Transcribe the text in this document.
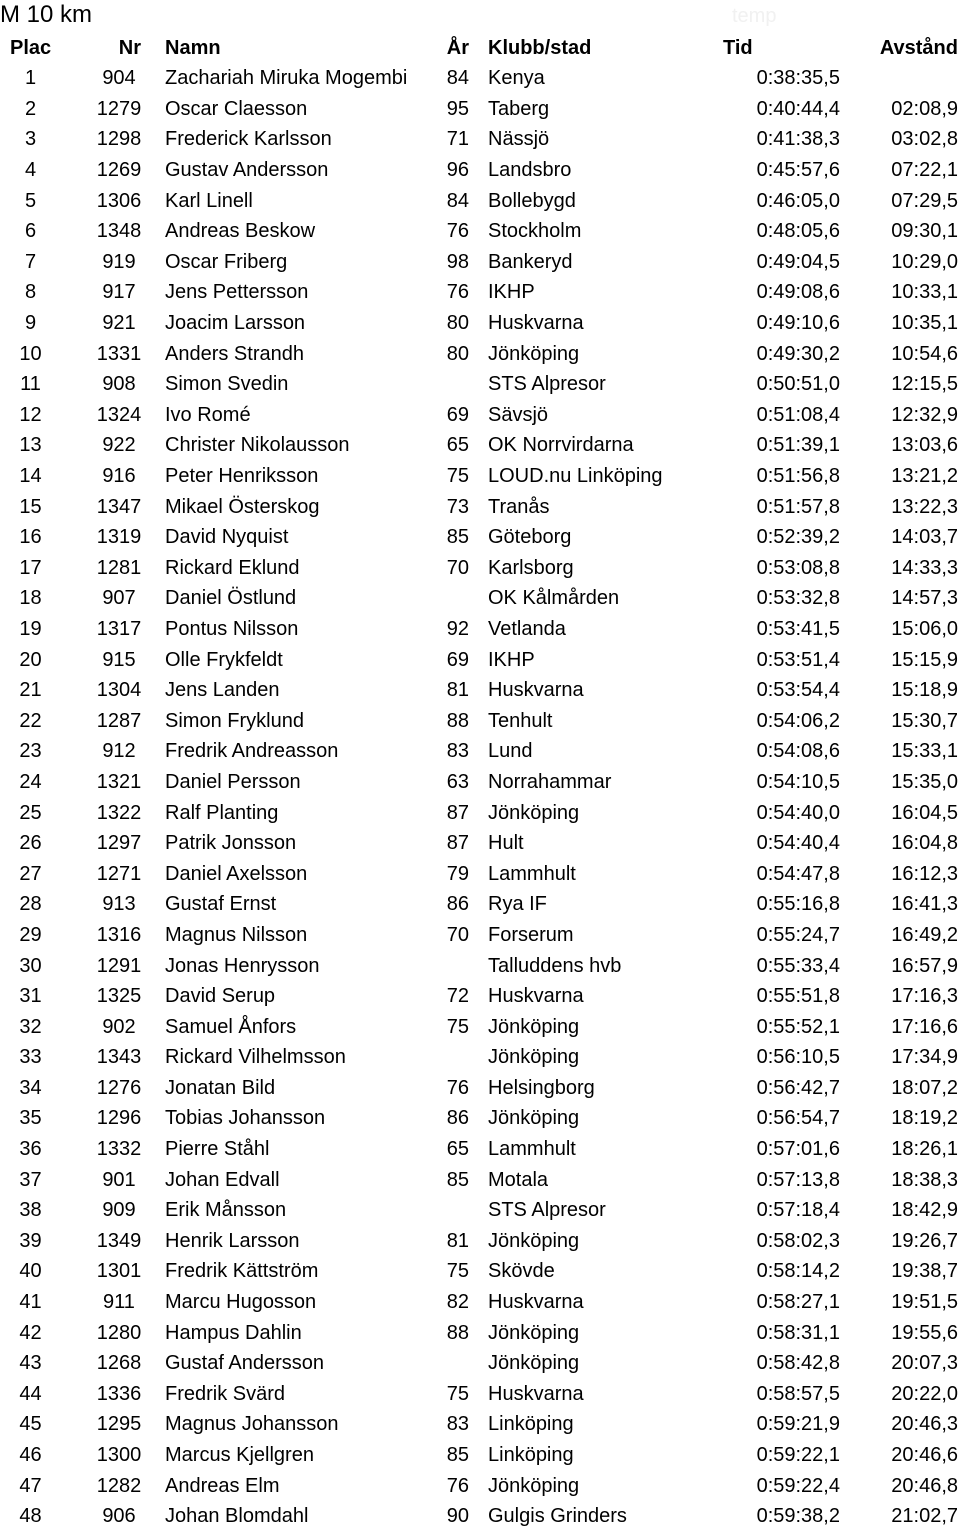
M 10 km	temp
Plac	Nr	Namn	År	Klubb/stad	Tid	Avstånd
1	904	Zachariah Miruka Mogembi	84	Kenya	0:38:35,5	
2	1279	Oscar Claesson	95	Taberg	0:40:44,4	02:08,9
3	1298	Frederick Karlsson	71	Nässjö	0:41:38,3	03:02,8
4	1269	Gustav Andersson	96	Landsbro	0:45:57,6	07:22,1
5	1306	Karl Linell	84	Bollebygd	0:46:05,0	07:29,5
6	1348	Andreas Beskow	76	Stockholm	0:48:05,6	09:30,1
7	919	Oscar Friberg	98	Bankeryd	0:49:04,5	10:29,0
8	917	Jens Pettersson	76	IKHP	0:49:08,6	10:33,1
9	921	Joacim Larsson	80	Huskvarna	0:49:10,6	10:35,1
10	1331	Anders Strandh	80	Jönköping	0:49:30,2	10:54,6
11	908	Simon Svedin		STS Alpresor	0:50:51,0	12:15,5
12	1324	Ivo Romé	69	Sävsjö	0:51:08,4	12:32,9
13	922	Christer Nikolausson	65	OK Norrvirdarna	0:51:39,1	13:03,6
14	916	Peter Henriksson	75	LOUD.nu Linköping	0:51:56,8	13:21,2
15	1347	Mikael Österskog	73	Tranås	0:51:57,8	13:22,3
16	1319	David Nyquist	85	Göteborg	0:52:39,2	14:03,7
17	1281	Rickard Eklund	70	Karlsborg	0:53:08,8	14:33,3
18	907	Daniel Östlund		OK Kålmården	0:53:32,8	14:57,3
19	1317	Pontus Nilsson	92	Vetlanda	0:53:41,5	15:06,0
20	915	Olle Frykfeldt	69	IKHP	0:53:51,4	15:15,9
21	1304	Jens Landen	81	Huskvarna	0:53:54,4	15:18,9
22	1287	Simon Fryklund	88	Tenhult	0:54:06,2	15:30,7
23	912	Fredrik Andreasson	83	Lund	0:54:08,6	15:33,1
24	1321	Daniel Persson	63	Norrahammar	0:54:10,5	15:35,0
25	1322	Ralf Planting	87	Jönköping	0:54:40,0	16:04,5
26	1297	Patrik Jonsson	87	Hult	0:54:40,4	16:04,8
27	1271	Daniel Axelsson	79	Lammhult	0:54:47,8	16:12,3
28	913	Gustaf Ernst	86	Rya IF	0:55:16,8	16:41,3
29	1316	Magnus Nilsson	70	Forserum	0:55:24,7	16:49,2
30	1291	Jonas Henrysson		Talluddens hvb	0:55:33,4	16:57,9
31	1325	David Serup	72	Huskvarna	0:55:51,8	17:16,3
32	902	Samuel Ånfors	75	Jönköping	0:55:52,1	17:16,6
33	1343	Rickard Vilhelmsson		Jönköping	0:56:10,5	17:34,9
34	1276	Jonatan Bild	76	Helsingborg	0:56:42,7	18:07,2
35	1296	Tobias Johansson	86	Jönköping	0:56:54,7	18:19,2
36	1332	Pierre Ståhl	65	Lammhult	0:57:01,6	18:26,1
37	901	Johan Edvall	85	Motala	0:57:13,8	18:38,3
38	909	Erik Månsson		STS Alpresor	0:57:18,4	18:42,9
39	1349	Henrik Larsson	81	Jönköping	0:58:02,3	19:26,7
40	1301	Fredrik Kättström	75	Skövde	0:58:14,2	19:38,7
41	911	Marcu Hugosson	82	Huskvarna	0:58:27,1	19:51,5
42	1280	Hampus Dahlin	88	Jönköping	0:58:31,1	19:55,6
43	1268	Gustaf Andersson		Jönköping	0:58:42,8	20:07,3
44	1336	Fredrik Svärd	75	Huskvarna	0:58:57,5	20:22,0
45	1295	Magnus Johansson	83	Linköping	0:59:21,9	20:46,3
46	1300	Marcus Kjellgren	85	Linköping	0:59:22,1	20:46,6
47	1282	Andreas Elm	76	Jönköping	0:59:22,4	20:46,8
48	906	Johan Blomdahl	90	Gulgis Grinders	0:59:38,2	21:02,7
